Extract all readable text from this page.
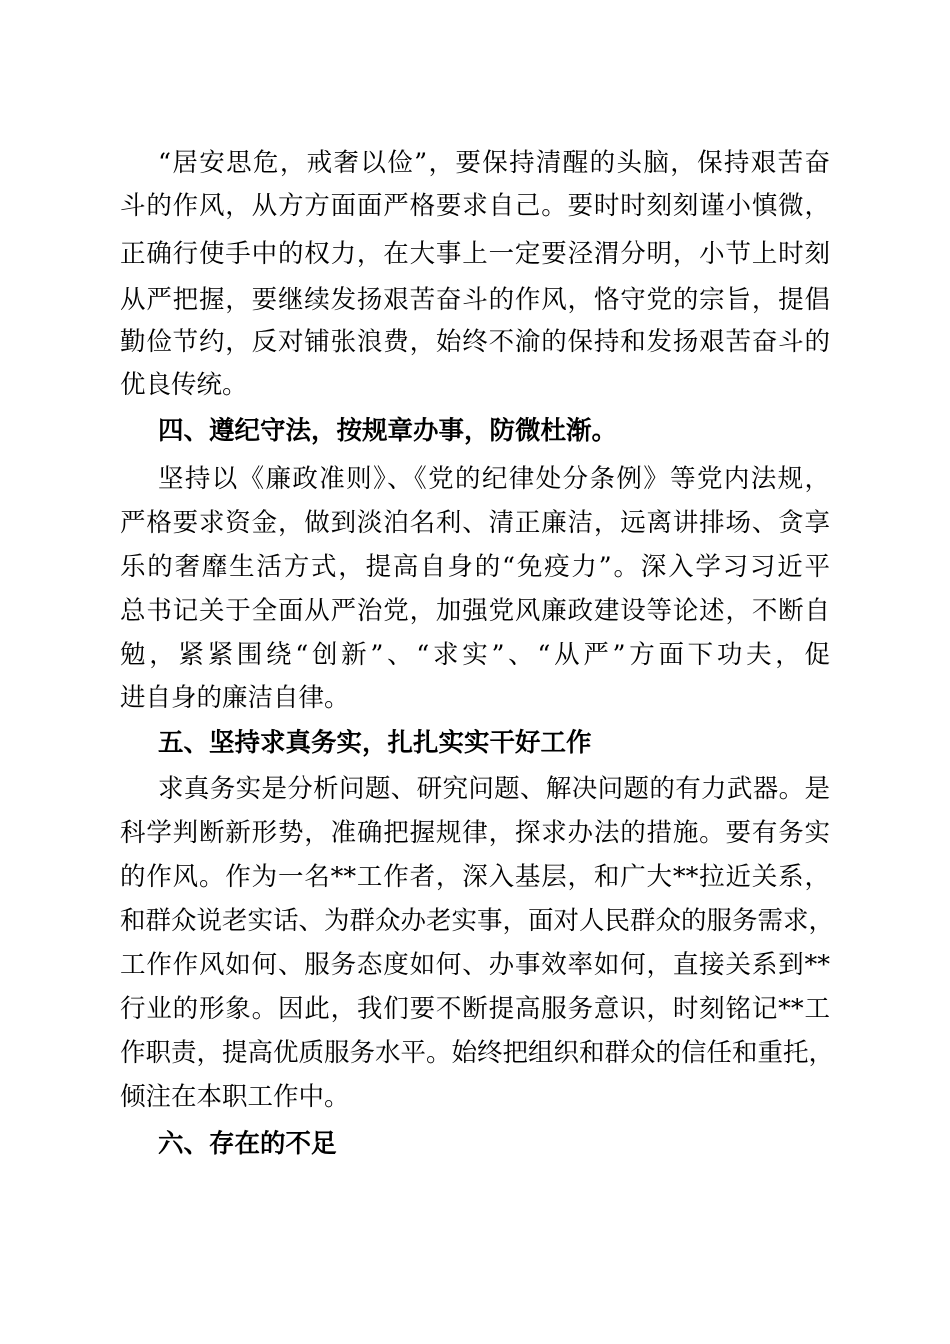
“居安思危，戒奢以俭”，要保持清醒的头脑，保持艰苦奋
斗的作风，从方方面面严格要求自己。要时时刻刻谨小慎微，
正确行使手中的权力，在大事上一定要泾渭分明，小节上时刻
从严把握，要继续发扬艰苦奋斗的作风，恪守党的宗旨，提倡
勤俭节约，反对铺张浪费，始终不渝的保持和发扬艰苦奋斗的
优良传统。
四、遵纪守法，按规章办事，防微杜渐。
坚持以《廉政准则》、《党的纪律处分条例》等党内法规，
严格要求资金，做到淡泊名利、清正廉洁，远离讲排场、贪享
乐的奢靡生活方式，提高自身的“免疫力”。深入学习习近平
总书记关于全面从严治党，加强党风廉政建设等论述，不断自
勉，紧紧围绕“创新”、“求实”、“从严”方面下功夫，促
进自身的廉洁自律。
五、坚持求真务实，扎扎实实干好工作
求真务实是分析问题、研究问题、解决问题的有力武器。是
科学判断新形势，准确把握规律，探求办法的措施。要有务实
的作风。作为一名**工作者，深入基层，和广大**拉近关系，
和群众说老实话、为群众办老实事，面对人民群众的服务需求，
工作作风如何、服务态度如何、办事效率如何，直接关系到**
行业的形象。因此，我们要不断提高服务意识，时刻铭记**工
作职责，提高优质服务水平。始终把组织和群众的信任和重托，
倾注在本职工作中。
六、存在的不足
